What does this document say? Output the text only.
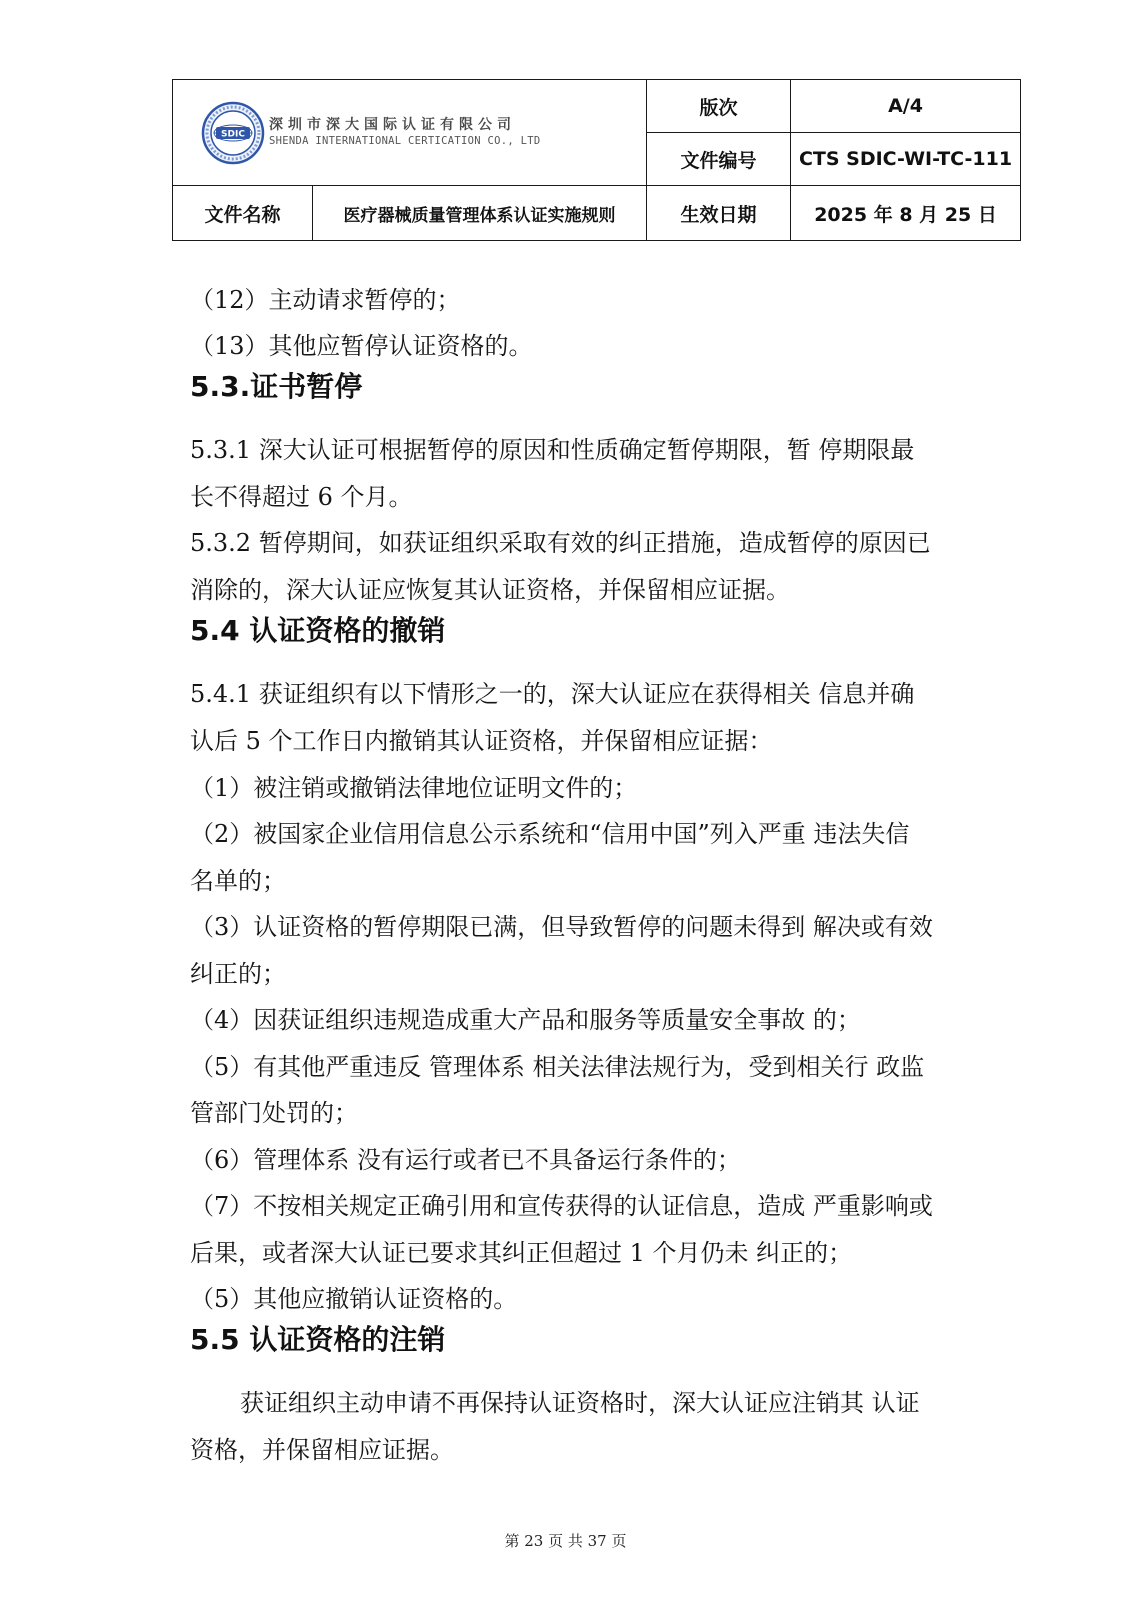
SDIC
深圳市深大国际认证有限公司
SHENDA INTERNATIONAL CERTICATION CO., LTD		版次	A/4
		文件编号	CTS SDIC-WI-TC-111
文件名称	医疗器械质量管理体系认证实施规则	生效日期	2025 年 8 月 25 日
（12）主动请求暂停的；
（13）其他应暂停认证资格的。
5.3.证书暂停
5.3.1 深大认证可根据暂停的原因和性质确定暂停期限，暂 停期限最
长不得超过 6 个月。
5.3.2 暂停期间，如获证组织采取有效的纠正措施，造成暂停的原因已
消除的，深大认证应恢复其认证资格，并保留相应证据。
5.4 认证资格的撤销
5.4.1 获证组织有以下情形之一的，深大认证应在获得相关 信息并确
认后 5 个工作日内撤销其认证资格，并保留相应证据：
（1）被注销或撤销法律地位证明文件的；
（2）被国家企业信用信息公示系统和“信用中国”列入严重 违法失信
名单的；
（3）认证资格的暂停期限已满，但导致暂停的问题未得到 解决或有效
纠正的；
（4）因获证组织违规造成重大产品和服务等质量安全事故 的；
（5）有其他严重违反 管理体系 相关法律法规行为，受到相关行 政监
管部门处罚的；
（6）管理体系 没有运行或者已不具备运行条件的；
（7）不按相关规定正确引用和宣传获得的认证信息，造成 严重影响或
后果，或者深大认证已要求其纠正但超过 1 个月仍未 纠正的；
（5）其他应撤销认证资格的。
5.5 认证资格的注销
获证组织主动申请不再保持认证资格时，深大认证应注销其 认证
资格，并保留相应证据。
第 23 页 共 37 页
